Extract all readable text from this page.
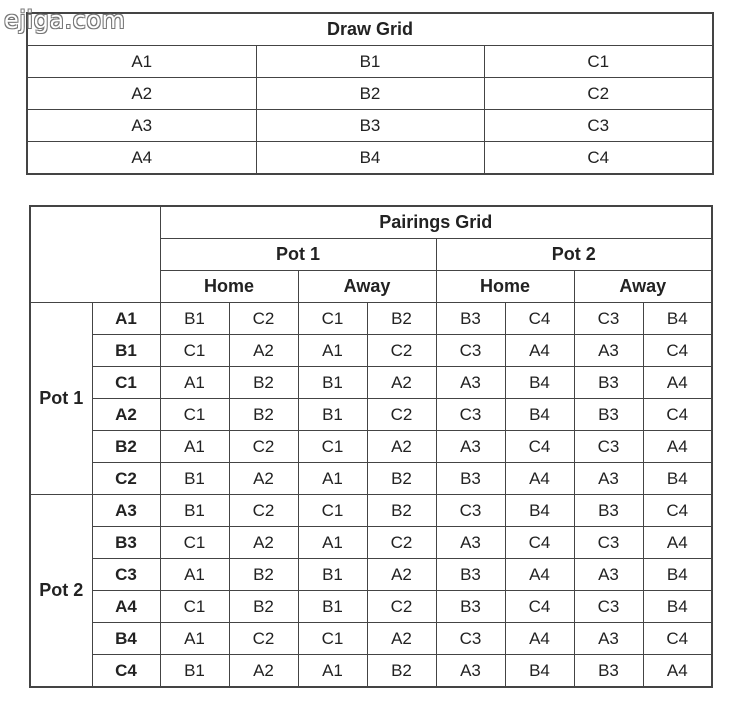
ejiga.com	Draw Grid		
A1	B1	C1
A2	B2	C2
A3	B3	C3
A4	B4	C4
		Pairings Grid							
		Pot 1				Pot 2			
		Home		Away		Home		Away	
Pot 1	A1	B1	C2	C1	B2	B3	C4	C3	B4
	B1	C1	A2	A1	C2	C3	A4	A3	C4
	C1	A1	B2	B1	A2	A3	B4	B3	A4
	A2	C1	B2	B1	C2	C3	B4	B3	C4
	B2	A1	C2	C1	A2	A3	C4	C3	A4
	C2	B1	A2	A1	B2	B3	A4	A3	B4
Pot 2	A3	B1	C2	C1	B2	C3	B4	B3	C4
	B3	C1	A2	A1	C2	A3	C4	C3	A4
	C3	A1	B2	B1	A2	B3	A4	A3	B4
	A4	C1	B2	B1	C2	B3	C4	C3	B4
	B4	A1	C2	C1	A2	C3	A4	A3	C4
	C4	B1	A2	A1	B2	A3	B4	B3	A4
